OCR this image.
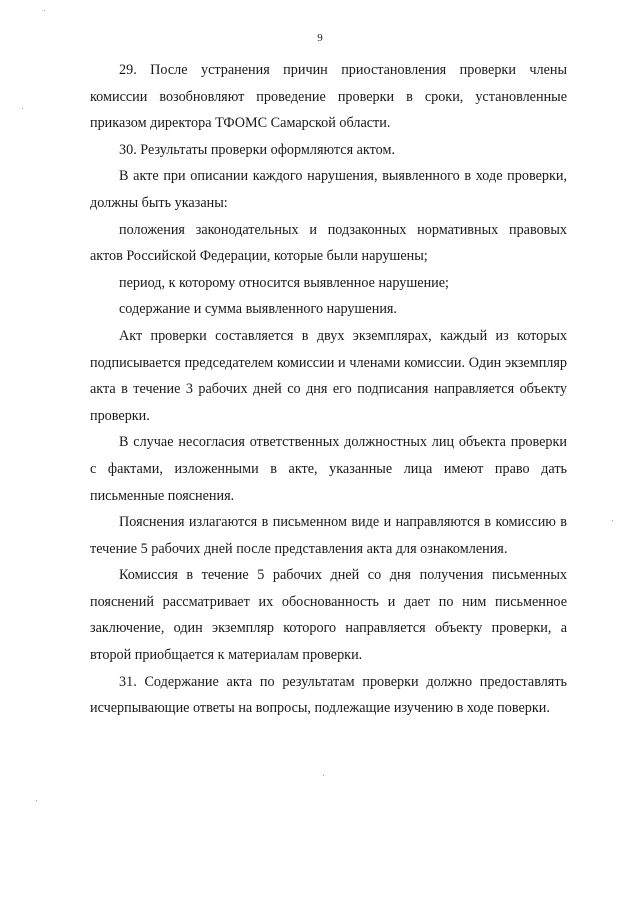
9

29. После устранения причин приостановления проверки члены комиссии возобновляют проведение проверки в сроки, установленные приказом директора ТФОМС Самарской области.

30. Результаты проверки оформляются актом.

В акте при описании каждого нарушения, выявленного в ходе проверки, должны быть указаны:

положения законодательных и подзаконных нормативных правовых актов Российской Федерации, которые были нарушены;

период, к которому относится выявленное нарушение;

содержание и сумма выявленного нарушения.

Акт проверки составляется в двух экземплярах, каждый из которых подписывается председателем комиссии и членами комиссии. Один экземпляр акта в течение 3 рабочих дней со дня его подписания направляется объекту проверки.

В случае несогласия ответственных должностных лиц объекта проверки с фактами, изложенными в акте, указанные лица имеют право дать письменные пояснения.

Пояснения излагаются в письменном виде и направляются в комиссию в течение 5 рабочих дней после представления акта для ознакомления.

Комиссия в течение 5 рабочих дней со дня получения письменных пояснений рассматривает их обоснованность и дает по ним письменное заключение, один экземпляр которого направляется объекту проверки, а второй приобщается к материалам проверки.

31. Содержание акта по результатам проверки должно предоставлять исчерпывающие ответы на вопросы, подлежащие изучению в ходе поверки.
